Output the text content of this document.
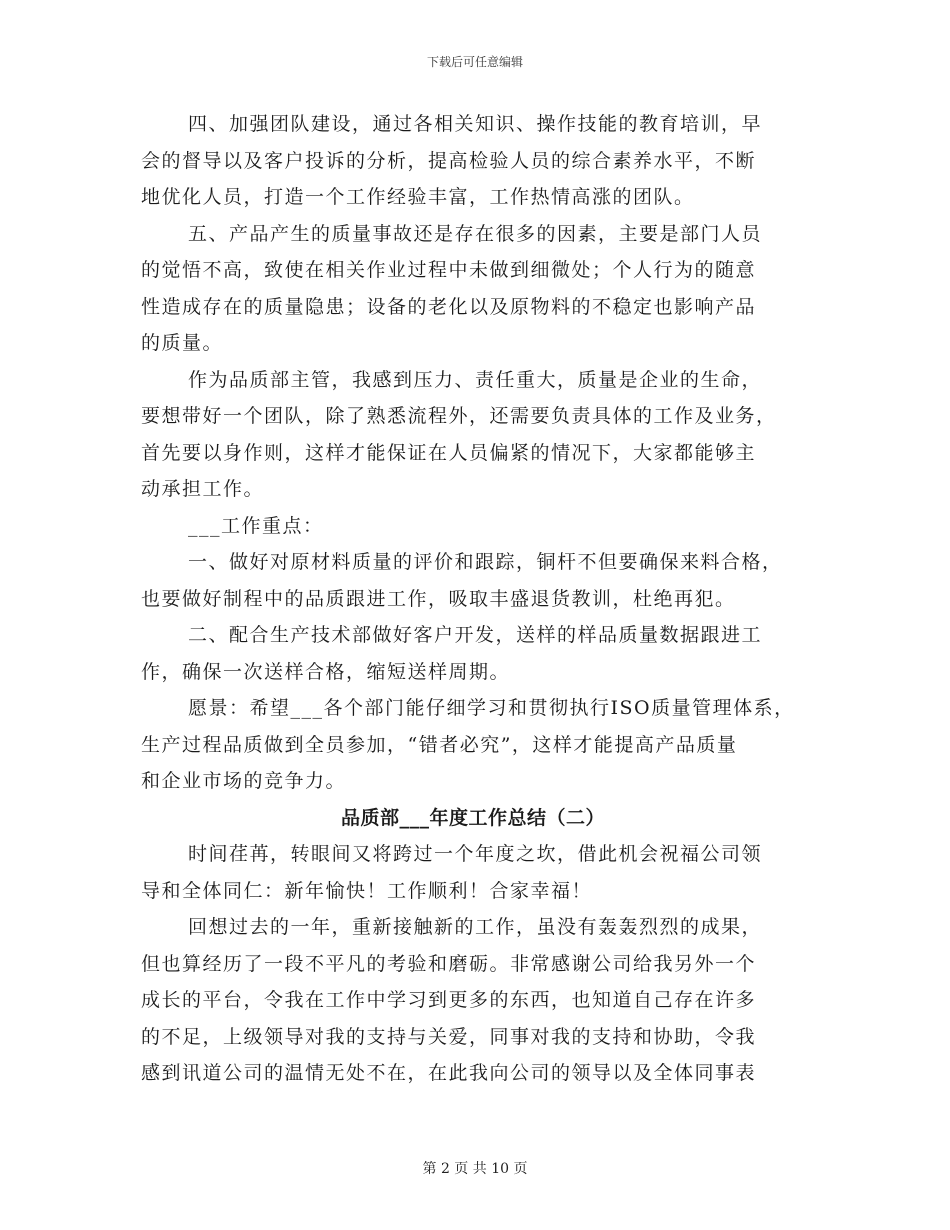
下载后可任意编辑
四、加强团队建设，通过各相关知识、操作技能的教育培训，早
会的督导以及客户投诉的分析，提高检验人员的综合素养水平，不断
地优化人员，打造一个工作经验丰富，工作热情高涨的团队。
五、产品产生的质量事故还是存在很多的因素，主要是部门人员
的觉悟不高，致使在相关作业过程中未做到细微处；个人行为的随意
性造成存在的质量隐患；设备的老化以及原物料的不稳定也影响产品
的质量。
作为品质部主管，我感到压力、责任重大，质量是企业的生命，
要想带好一个团队，除了熟悉流程外，还需要负责具体的工作及业务，
首先要以身作则，这样才能保证在人员偏紧的情况下，大家都能够主
动承担工作。
___工作重点：
一、做好对原材料质量的评价和跟踪，铜杆不但要确保来料合格，
也要做好制程中的品质跟进工作，吸取丰盛退货教训，杜绝再犯。
二、配合生产技术部做好客户开发，送样的样品质量数据跟进工
作，确保一次送样合格，缩短送样周期。
愿景：希望___各个部门能仔细学习和贯彻执行ISO质量管理体系，
生产过程品质做到全员参加，“错者必究”，这样才能提高产品质量
和企业市场的竞争力。
品质部___年度工作总结（二）
时间荏苒，转眼间又将跨过一个年度之坎，借此机会祝福公司领
导和全体同仁：新年愉快！工作顺利！合家幸福！
回想过去的一年，重新接触新的工作，虽没有轰轰烈烈的成果，
但也算经历了一段不平凡的考验和磨砺。非常感谢公司给我另外一个
成长的平台，令我在工作中学习到更多的东西，也知道自己存在许多
的不足，上级领导对我的支持与关爱，同事对我的支持和协助，令我
感到讯道公司的温情无处不在，在此我向公司的领导以及全体同事表
第 2 页 共 10 页
